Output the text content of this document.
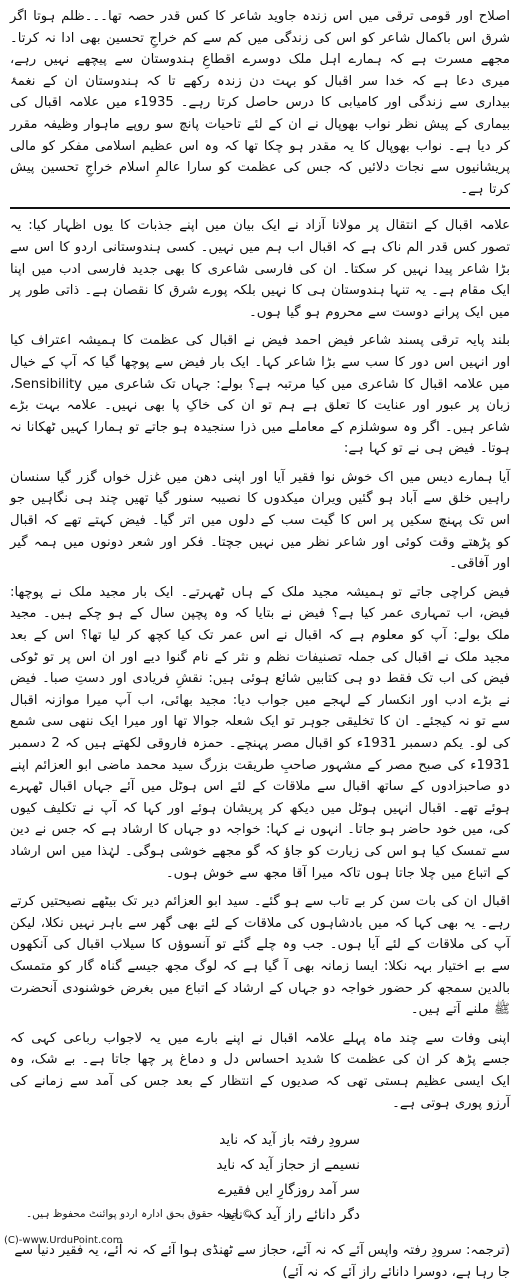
اصلاح اور قومی ترقی میں اس زندہ جاوید شاعر کا کس قدر حصہ تھا۔۔۔ظلم ہوتا اگر شرق اس باکمال شاعر کو اس کی زندگی میں کم سے کم خراجِ تحسین بھی ادا نہ کرتا۔ مجھے مسرت ہے کہ ہمارے اہل ملک دوسرے اقطاعِ ہندوستان سے پیچھے نہیں رہے، میری دعا ہے کہ خدا سر اقبال کو بہت دن زندہ رکھے تا کہ ہندوستان ان کے نغمۂ بیداری سے زندگی اور کامیابی کا درس حاصل کرتا رہے۔ 1935ء میں علامہ اقبال کی بیماری کے پیش نظر نواب بھوپال نے ان کے لئے تاحیات پانچ سو روپے ماہوار وظیفہ مقرر کر دیا ہے۔ نواب بھوپال کا یہ مقدر ہو چکا تھا کہ وہ اس عظیم اسلامی مفکر کو مالی پریشانیوں سے نجات دلائیں کہ جس کی عظمت کو سارا عالمِ اسلام خراجِ تحسین پیش کرتا ہے۔

علامہ اقبال کے انتقال پر مولانا آزاد نے ایک بیان میں اپنے جذبات کا یوں اظہار کیا: یہ تصور کس قدر الم ناک ہے کہ اقبال اب ہم میں نہیں۔ کسی ہندوستانی اردو کا اس سے بڑا شاعر پیدا نہیں کر سکتا۔ ان کی فارسی شاعری کا بھی جدید فارسی ادب میں اپنا ایک مقام ہے۔ یہ تنہا ہندوستان ہی کا نہیں بلکہ پورے شرق کا نقصان ہے۔ ذاتی طور پر میں ایک پرانے دوست سے محروم ہو گیا ہوں۔

بلند پایہ ترقی پسند شاعر فیض احمد فیض نے اقبال کی عظمت کا ہمیشہ اعتراف کیا اور انہیں اس دور کا سب سے بڑا شاعر کہا۔ ایک بار فیض سے پوچھا گیا کہ آپ کے خیال میں علامہ اقبال کا شاعری میں کیا مرتبہ ہے؟ بولے: جہاں تک شاعری میں Sensibility، زبان پر عبور اور عنایت کا تعلق ہے ہم تو ان کی خاکِ پا بھی نہیں۔ علامہ بہت بڑے شاعر ہیں۔ اگر وہ سوشلزم کے معاملے میں ذرا سنجیدہ ہو جاتے تو ہمارا کہیں ٹھکانا نہ ہوتا۔ فیض ہی نے تو کہا ہے:

آیا ہمارے دیس میں اک خوش نوا فقیر آیا اور اپنی دھن میں غزل خواں گزر گیا سنسان راہیں خلق سے آباد ہو گئیں ویران میکدوں کا نصیبہ سنور گیا تھیں چند ہی نگاہیں جو اس تک پہنچ سکیں پر اس کا گیت سب کے دلوں میں اتر گیا۔ فیض کہتے تھے کہ اقبال کو پڑھتے وقت کوئی اور شاعر نظر میں نہیں جچتا۔ فکر اور شعر دونوں میں ہمہ گیر اور آفاقی۔

فیض کراچی جاتے تو ہمیشہ مجید ملک کے ہاں ٹھہرتے۔ ایک بار مجید ملک نے پوچھا: فیض، اب تمہاری عمر کیا ہے؟ فیض نے بتایا کہ وہ پچپن سال کے ہو چکے ہیں۔ مجید ملک بولے: آپ کو معلوم ہے کہ اقبال نے اس عمر تک کیا کچھ کر لیا تھا؟ اس کے بعد مجید ملک نے اقبال کی جملہ تصنیفات نظم و نثر کے نام گنوا دیے اور ان اس پر تو ٹوکی فیض کی اب تک فقط دو ہی کتابیں شائع ہوئی ہیں: نقشِ فریادی اور دستِ صبا۔ فیض نے بڑے ادب اور انکسار کے لہجے میں جواب دیا: مجید بھائی، اب آپ میرا موازنہ اقبال سے تو نہ کیجئے۔ ان کا تخلیقی جوہر تو ایک شعلہ جوالا تھا اور میرا ایک ننھی سی شمع کی لو۔ یکم دسمبر 1931ء کو اقبال مصر پہنچے۔ حمزہ فاروقی لکھتے ہیں کہ 2 دسمبر 1931ء کی صبح مصر کے مشہور صاحبِ طریقت بزرگ سید محمد ماضی ابو العزائم اپنے دو صاحبزادوں کے ساتھ اقبال سے ملاقات کے لئے اس ہوٹل میں آئے جہاں اقبال ٹھہرے ہوئے تھے۔ اقبال انہیں ہوٹل میں دیکھ کر پریشان ہوئے اور کہا کہ آپ نے تکلیف کیوں کی، میں خود حاضر ہو جاتا۔ انہوں نے کہا: خواجہ دو جہاں کا ارشاد ہے کہ جس نے دین سے تمسک کیا ہو اس کی زیارت کو جاؤ کہ گو مجھے خوشی ہوگی۔ لہٰذا میں اس ارشاد کے اتباع میں چلا جاتا ہوں تاکہ میرا آقا مجھ سے خوش ہوں۔

اقبال ان کی بات سن کر بے تاب سے ہو گئے۔ سید ابو العزائم دیر تک بیٹھے نصیحتیں کرتے رہے۔ یہ بھی کہا کہ میں بادشاہوں کی ملاقات کے لئے بھی گھر سے باہر نہیں نکلا، لیکن آپ کی ملاقات کے لئے آیا ہوں۔ جب وہ چلے گئے تو آنسوؤں کا سیلاب اقبال کی آنکھوں سے بے اختیار بہہ نکلا: ایسا زمانہ بھی آ گیا ہے کہ لوگ مجھ جیسے گناہ گار کو متمسک بالدین سمجھ کر حضور خواجہ دو جہاں کے ارشاد کے اتباع میں بغرض خوشنودی آنحضرت ﷺ ملنے آتے ہیں۔

اپنی وفات سے چند ماہ پہلے علامہ اقبال نے اپنے بارے میں یہ لاجواب رباعی کہی کہ جسے پڑھ کر ان کی عظمت کا شدید احساس دل و دماغ پر چھا جاتا ہے۔ بے شک، وہ ایک ایسی عظیم ہستی تھی کہ صدیوں کے انتظار کے بعد جس کی آمد سے زمانے کی آرزو پوری ہوتی ہے۔

سرودِ رفتہ باز آید کہ ناید
نسیمے از حجاز آید کہ ناید
سر آمد روزگارِ ایں فقیرے
دگر دانائے راز آید کہ ناید

(ترجمہ: سرودِ رفتہ واپس آئے کہ نہ آئے، حجاز سے ٹھنڈی ہوا آئے کہ نہ آئے، یہ فقیر دنیا سے جا رہا ہے، دوسرا دانائے راز آئے کہ نہ آئے)

© جملہ حقوق بحق ادارہ اردو پوائنٹ محفوظ ہیں۔
(C)-www.UrduPoint.com
